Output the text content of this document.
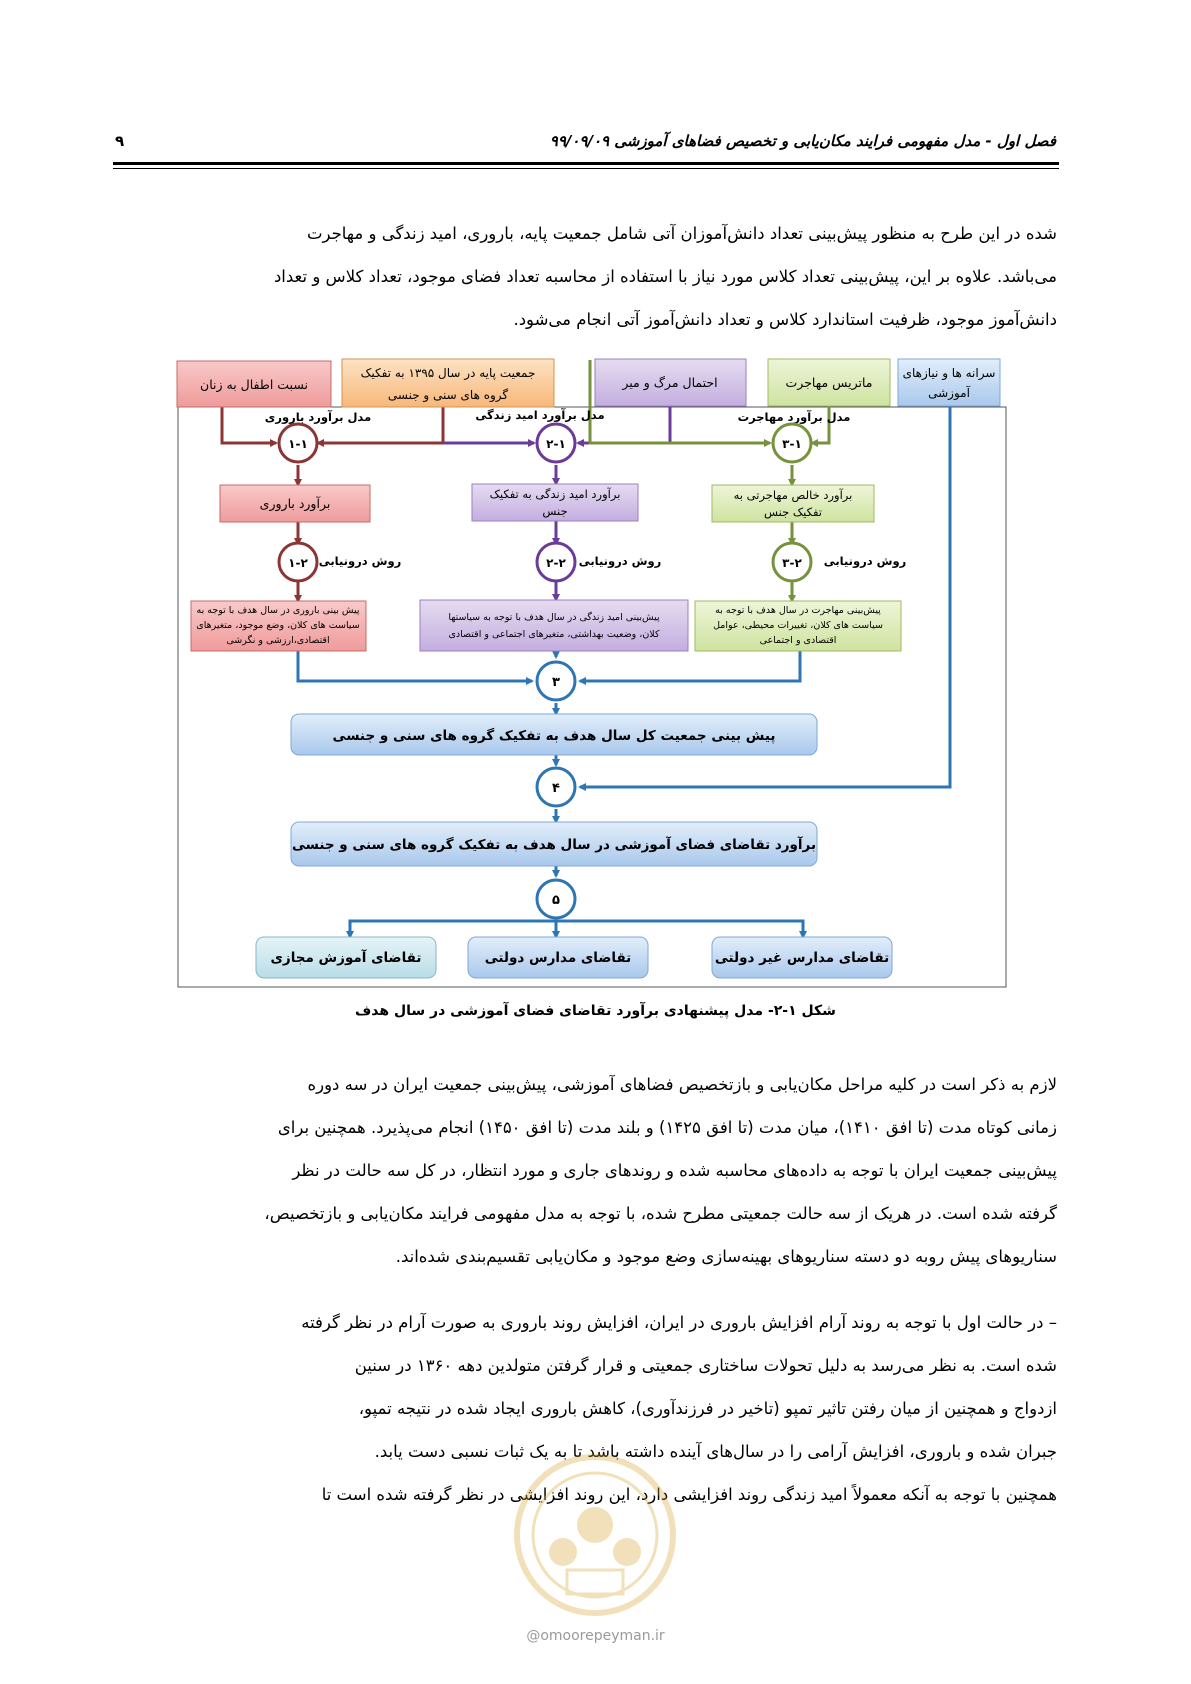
فصل اول - مدل مفهومی فرایند مکان‌یابی و تخصیص فضاهای آموزشی ۹۹/۰۹/۰۹
۹
شده در این طرح به منظور پیش‌بینی تعداد دانش‌آموزان آتی شامل جمعیت پایه، باروری، امید زندگی و مهاجرت
می‌باشد. علاوه بر این، پیش‌بینی تعداد کلاس مورد نیاز با استفاده از محاسبه تعداد فضای موجود، تعداد کلاس و تعداد
دانش‌آموز موجود، ظرفیت استاندارد کلاس و تعداد دانش‌آموز آتی انجام می‌شود.
نسبت اطفال به زنان
جمعیت پایه در سال ۱۳۹۵ به تفکیک
گروه های سنی و جنسی
احتمال مرگ و میر	ماتریس مهاجرت
سرانه ها و نیازهای
آموزشی
مدل برآورد باروری	مدل برآورد امید زندگی	مدل برآورد مهاجرت
۱-۱	۲-۱	۳-۱
برآورد باروری
برآورد امید زندگی به تفکیک
جنس
برآورد خالص مهاجرتی به
تفکیک جنس
روش درونیابی	روش درونیابی	روش درونیابی
۱-۲	۲-۲	۳-۲
پیش بینی باروری در سال هدف با توجه به
سیاست های کلان، وضع موجود، متغیرهای
اقتصادی،ارزشی و نگرشی
پیش‌بینی امید زندگی در سال هدف با توجه به سیاستها
کلان، وضعیت بهداشتی، متغیرهای اجتماعی و اقتصادی
پیش‌بینی مهاجرت در سال هدف با توجه به
سیاست های کلان، تغییرات محیطی، عوامل
اقتصادی و اجتماعی
۳
پیش بینی جمعیت کل سال هدف به تفکیک گروه های سنی و جنسی
۴
برآورد تقاضای فضای آموزشی در سال هدف به تفکیک گروه های سنی و جنسی
۵
تقاضای آموزش مجازی	تقاضای مدارس دولتی	تقاضای مدارس غیر دولتی
شکل ۱-۲- مدل پیشنهادی برآورد تقاضای فضای آموزشی در سال هدف
لازم به ذکر است در کلیه مراحل مکان‌یابی و بازتخصیص فضاهای آموزشی، پیش‌بینی جمعیت ایران در سه دوره
زمانی کوتاه مدت (تا افق ۱۴۱۰)، میان مدت (تا افق ۱۴۲۵) و بلند مدت (تا افق ۱۴۵۰) انجام می‌پذیرد. همچنین برای
پیش‌بینی جمعیت ایران با توجه به داده‌های محاسبه شده و روندهای جاری و مورد انتظار، در کل سه حالت در نظر
گرفته شده است. در هریک از سه حالت جمعیتی مطرح شده، با توجه به مدل مفهومی فرایند مکان‌یابی و بازتخصیص،
سناریوهای پیش روبه دو دسته سناریوهای بهینه‌سازی وضع موجود و مکان‌یابی تقسیم‌بندی شده‌اند.
– در حالت اول با توجه به روند آرام افزایش باروری در ایران، افزایش روند باروری به صورت آرام در نظر گرفته
شده است. به نظر می‌رسد به دلیل تحولات ساختاری جمعیتی و قرار گرفتن متولدین دهه ۱۳۶۰ در سنین
ازدواج و همچنین از میان رفتن تاثیر تمپو (تاخیر در فرزندآوری)، کاهش باروری ایجاد شده در نتیجه تمپو،
جبران شده و باروری، افزایش آرامی را در سال‌های آینده داشته باشد تا به یک ثبات نسبی دست یابد.
همچنین با توجه به آنکه معمولاً امید زندگی روند افزایشی دارد، این روند افزایشی در نظر گرفته شده است تا
@omoorepeyman.ir
